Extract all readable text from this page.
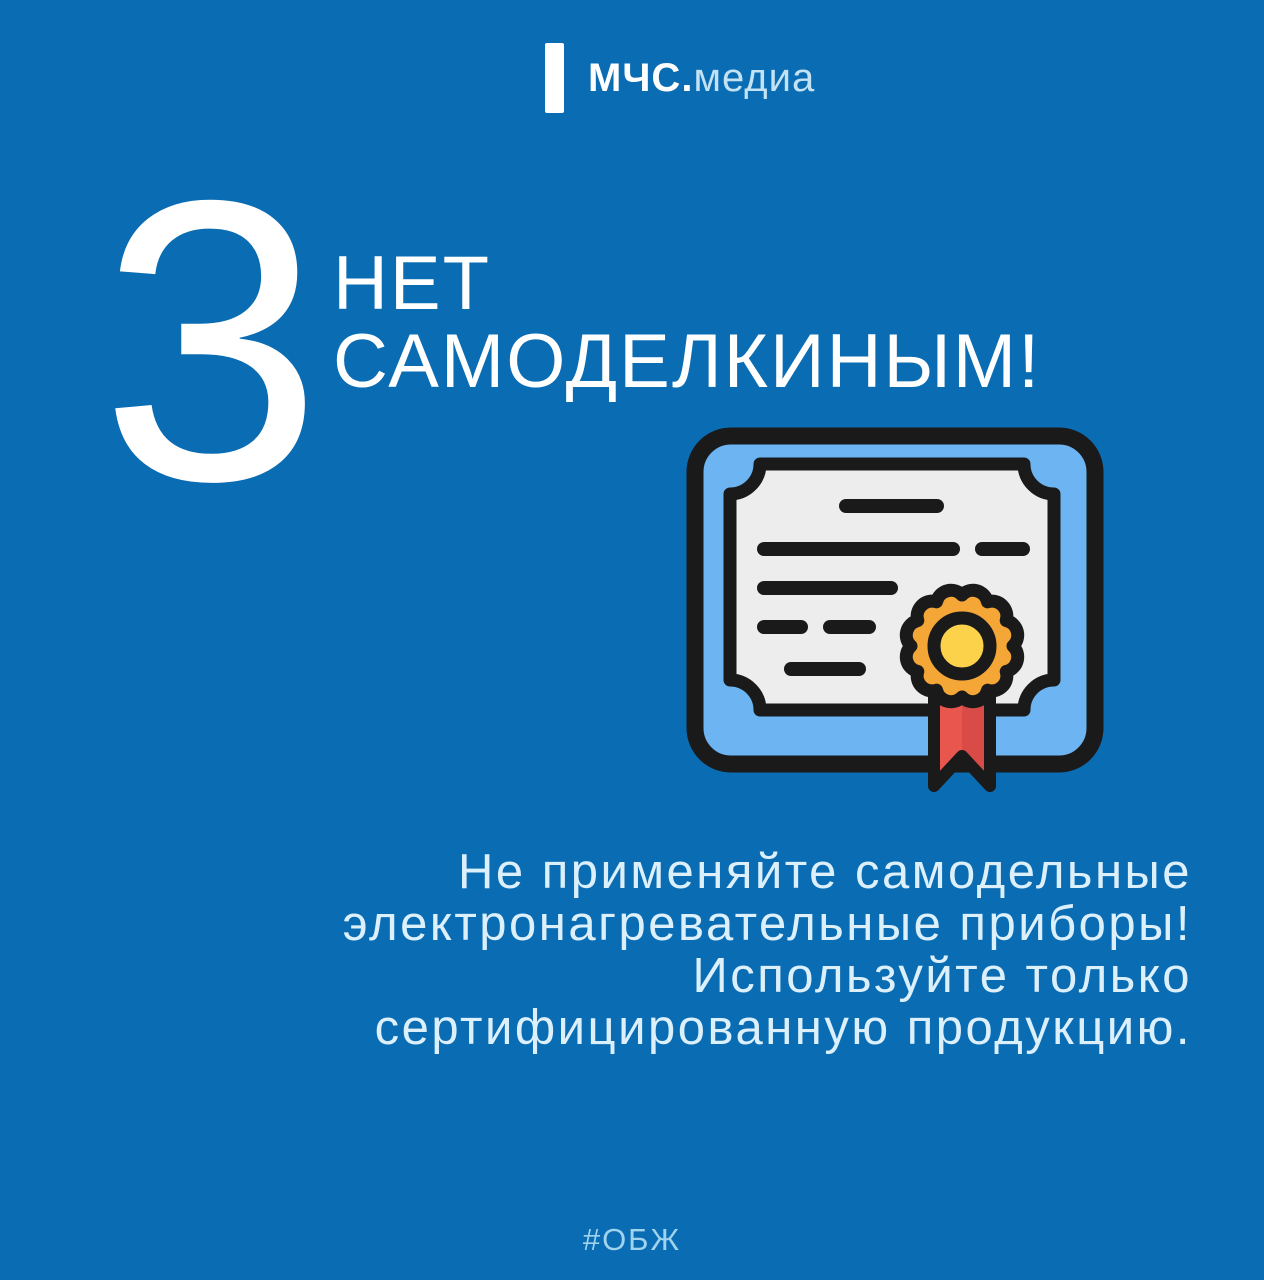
МЧС.медиа
3 НЕТ
САМОДЕЛКИНЫМ!
Не применяйте самодельные
электронагревательные приборы!
Используйте только
сертифицированную продукцию.
#ОБЖ
